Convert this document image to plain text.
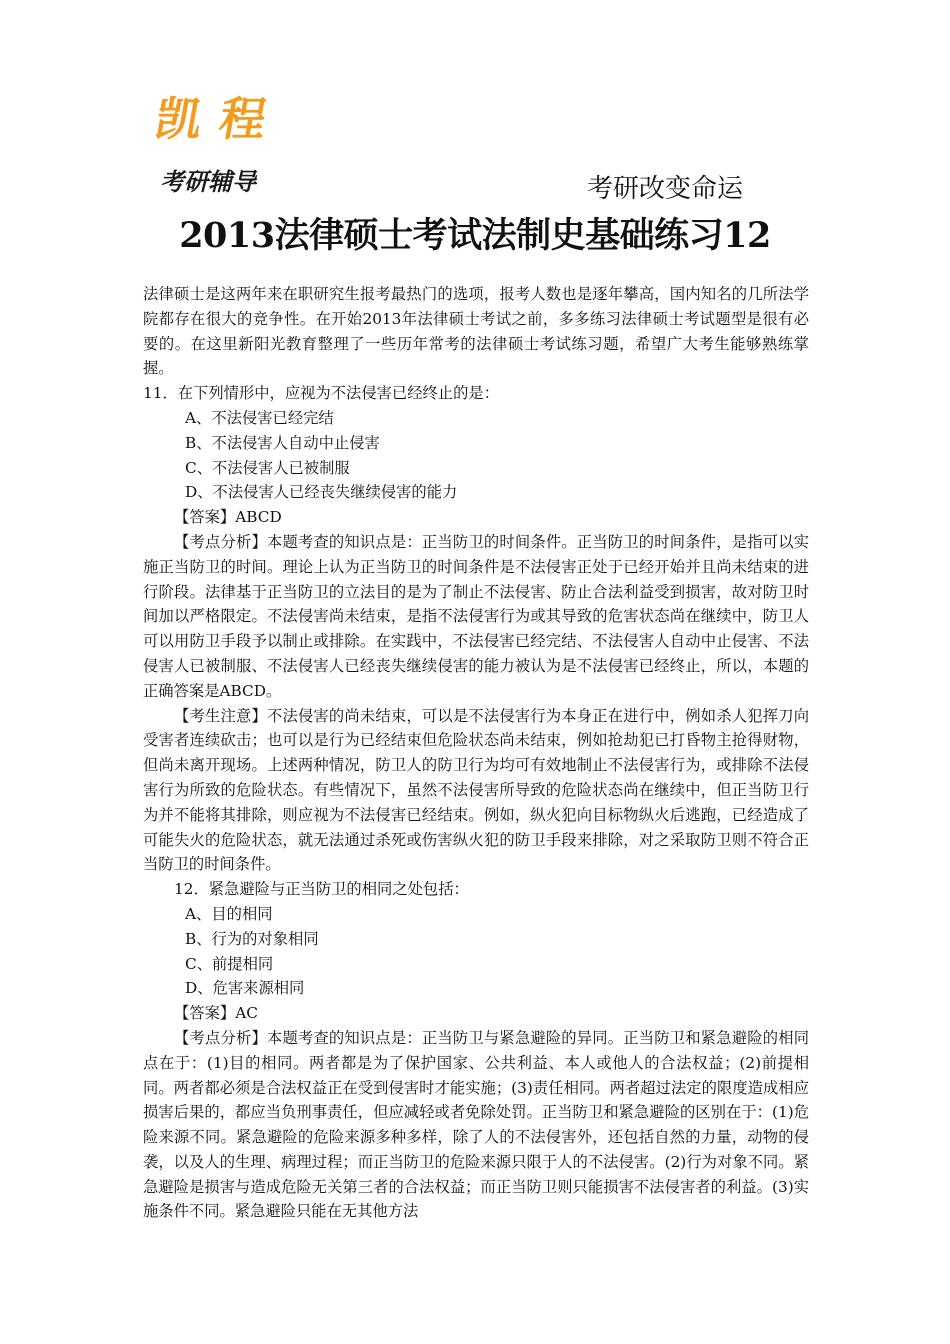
凯 程
考研辅导	考研改变命运
2013法律硕士考试法制史基础练习12

法律硕士是这两年来在职研究生报考最热门的选项，报考人数也是逐年攀高，国内知名的几所法学院都存在很大的竞争性。在开始2013年法律硕士考试之前，多多练习法律硕士考试题型是很有必要的。在这里新阳光教育整理了一些历年常考的法律硕士考试练习题，希望广大考生能够熟练掌握。

11．在下列情形中，应视为不法侵害已经终止的是：

A、不法侵害已经完结

B、不法侵害人自动中止侵害

C、不法侵害人已被制服

D、不法侵害人已经丧失继续侵害的能力

【答案】ABCD

【考点分析】本题考查的知识点是：正当防卫的时间条件。正当防卫的时间条件，是指可以实施正当防卫的时间。理论上认为正当防卫的时间条件是不法侵害正处于已经开始并且尚未结束的进行阶段。法律基于正当防卫的立法目的是为了制止不法侵害、防止合法利益受到损害，故对防卫时间加以严格限定。不法侵害尚未结束，是指不法侵害行为或其导致的危害状态尚在继续中，防卫人可以用防卫手段予以制止或排除。在实践中，不法侵害已经完结、不法侵害人自动中止侵害、不法侵害人已被制服、不法侵害人已经丧失继续侵害的能力被认为是不法侵害已经终止，所以，本题的正确答案是ABCD。

【考生注意】不法侵害的尚未结束，可以是不法侵害行为本身正在进行中，例如杀人犯挥刀向受害者连续砍击；也可以是行为已经结束但危险状态尚未结束，例如抢劫犯已打昏物主抢得财物，但尚未离开现场。上述两种情况，防卫人的防卫行为均可有效地制止不法侵害行为，或排除不法侵害行为所致的危险状态。有些情况下，虽然不法侵害所导致的危险状态尚在继续中，但正当防卫行为并不能将其排除，则应视为不法侵害已经结束。例如，纵火犯向目标物纵火后逃跑，已经造成了可能失火的危险状态，就无法通过杀死或伤害纵火犯的防卫手段来排除，对之采取防卫则不符合正当防卫的时间条件。

12．紧急避险与正当防卫的相同之处包括：

A、目的相同

B、行为的对象相同

C、前提相同

D、危害来源相同

【答案】AC

【考点分析】本题考查的知识点是：正当防卫与紧急避险的异同。正当防卫和紧急避险的相同点在于：(1)目的相同。两者都是为了保护国家、公共利益、本人或他人的合法权益；(2)前提相同。两者都必须是合法权益正在受到侵害时才能实施；(3)责任相同。两者超过法定的限度造成相应损害后果的，都应当负刑事责任，但应减轻或者免除处罚。正当防卫和紧急避险的区别在于：(1)危险来源不同。紧急避险的危险来源多种多样，除了人的不法侵害外，还包括自然的力量，动物的侵袭，以及人的生理、病理过程；而正当防卫的危险来源只限于人的不法侵害。(2)行为对象不同。紧急避险是损害与造成危险无关第三者的合法权益；而正当防卫则只能损害不法侵害者的利益。(3)实施条件不同。紧急避险只能在无其他方法
